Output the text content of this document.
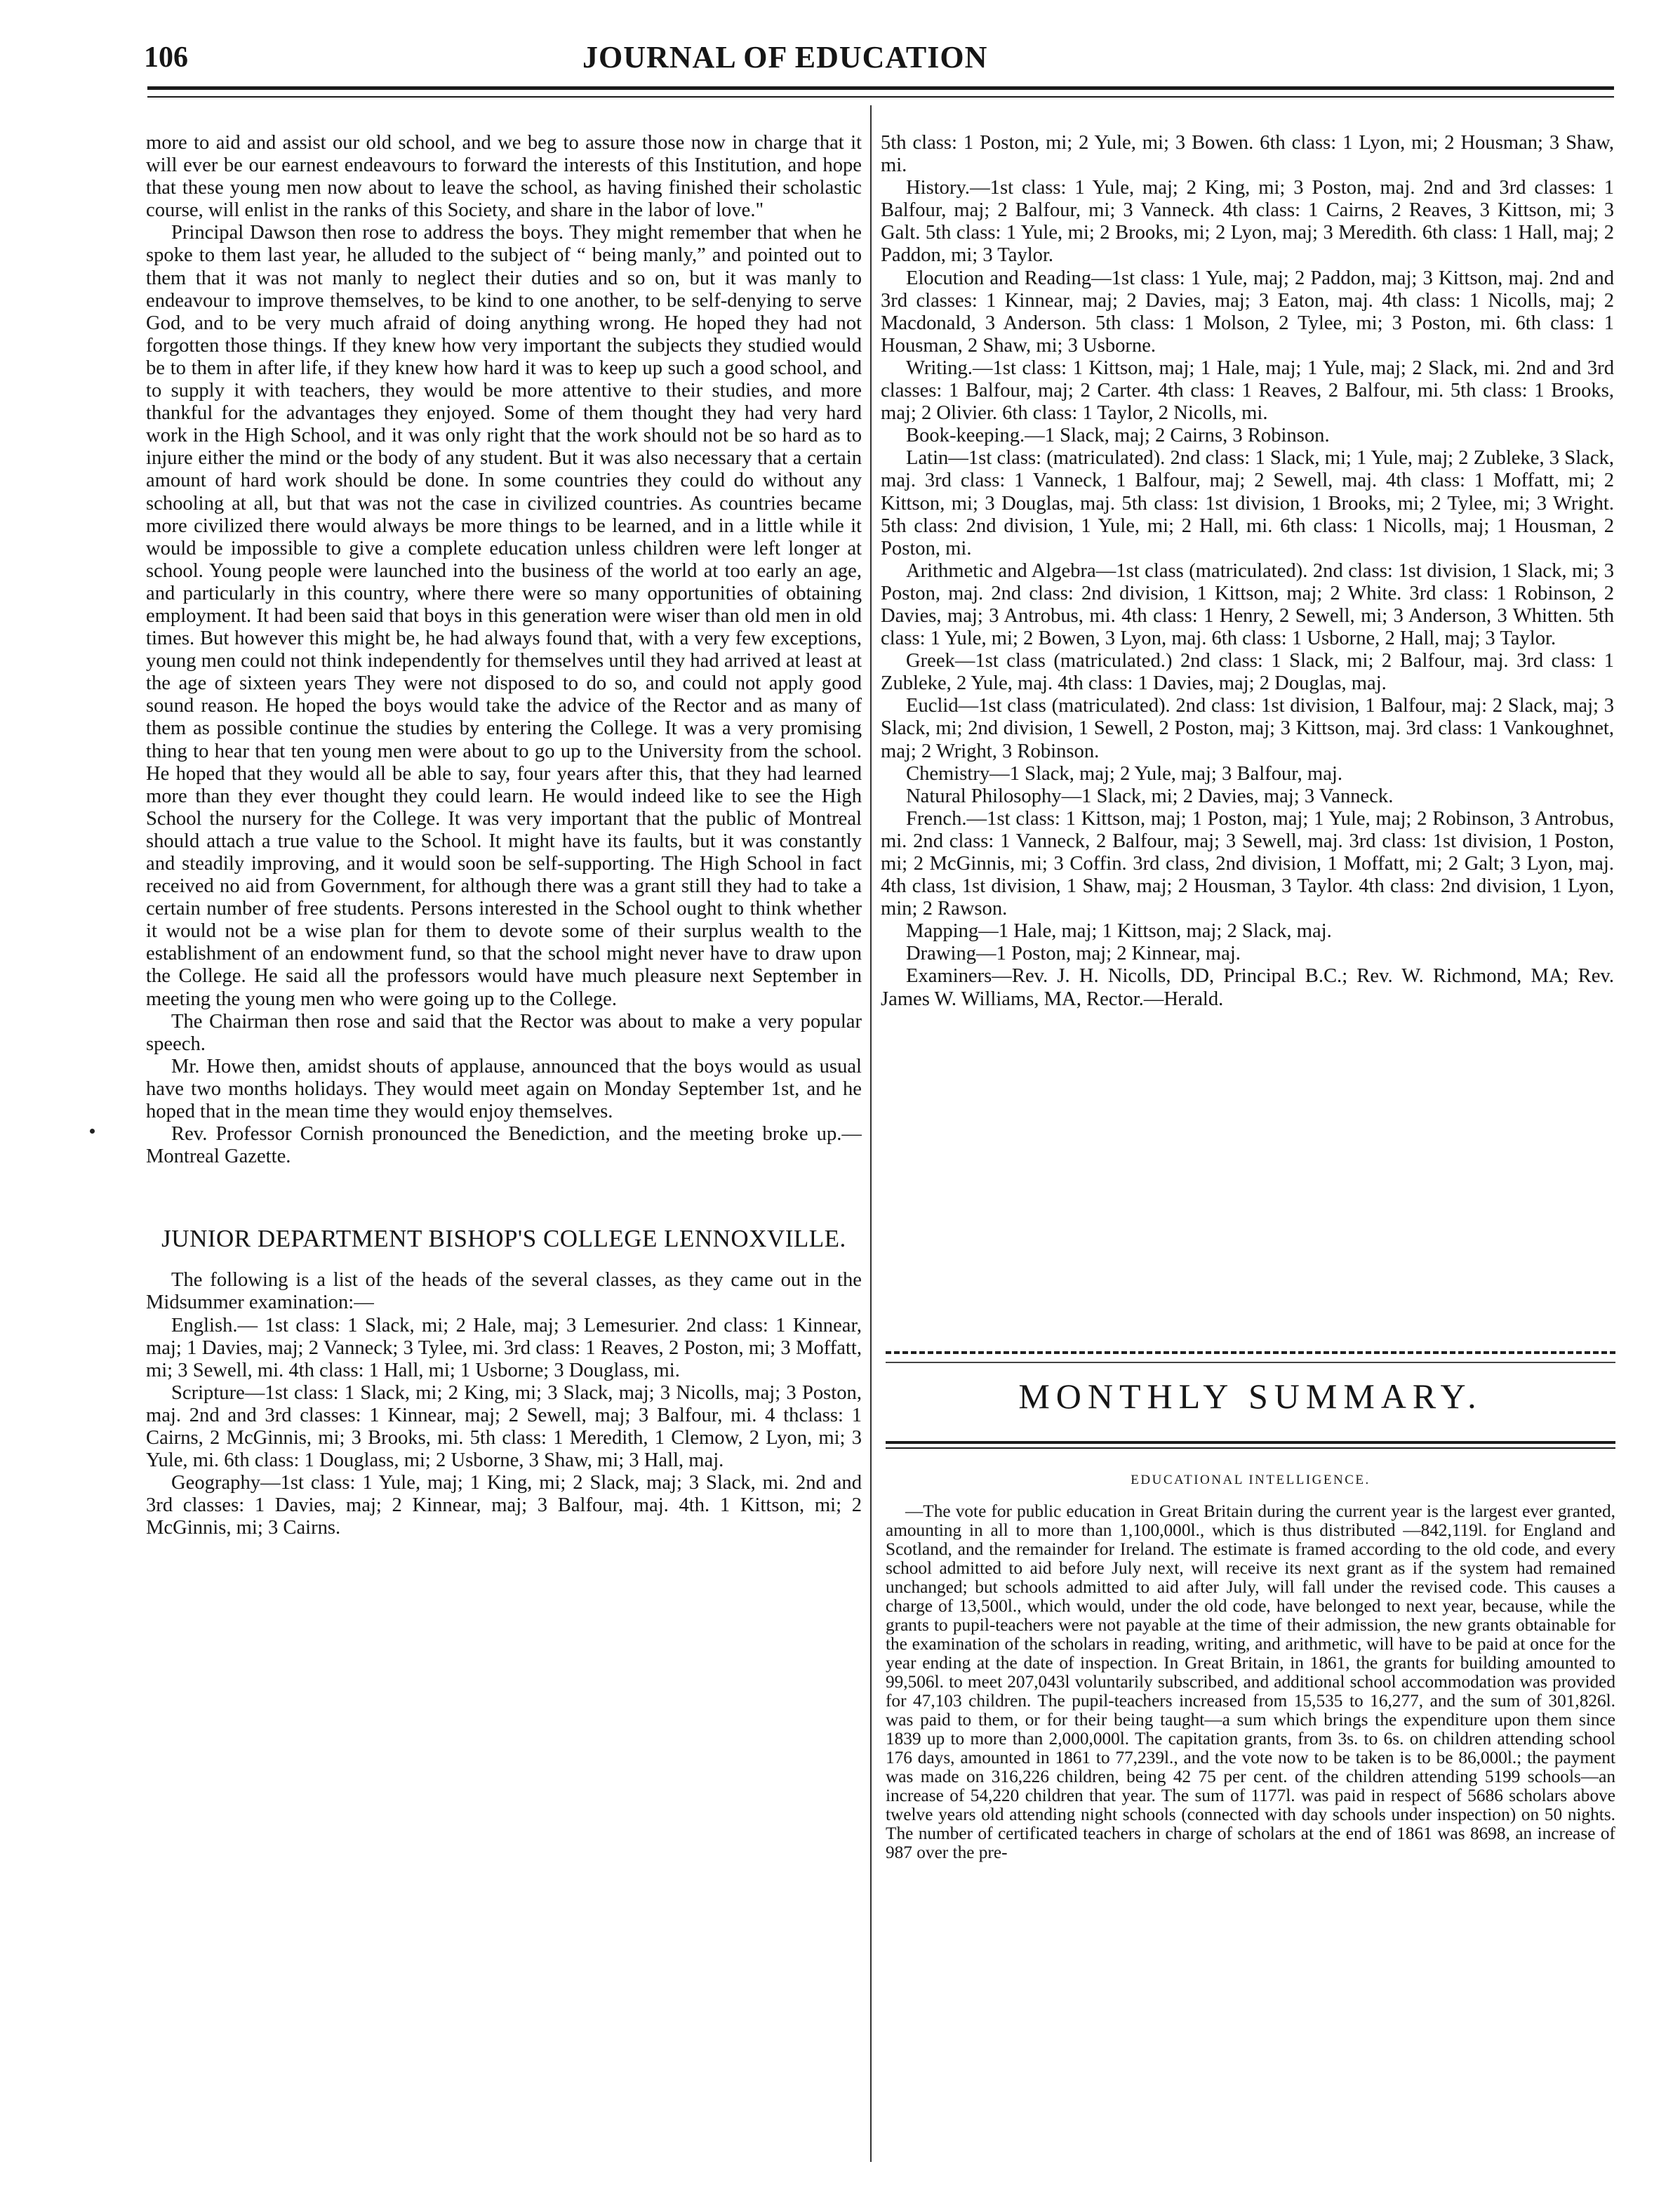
106	JOURNAL OF EDUCATION

more to aid and assist our old school, and we beg to assure those now in charge that it will ever be our earnest endeavours to forward the interests of this Institution, and hope that these young men now about to leave the school, as having finished their scholastic course, will enlist in the ranks of this Society, and share in the labor of love."

Principal Dawson then rose to address the boys. They might remember that when he spoke to them last year, he alluded to the subject of “ being manly,” and pointed out to them that it was not manly to neglect their duties and so on, but it was manly to endeavour to improve themselves, to be kind to one another, to be self-denying to serve God, and to be very much afraid of doing anything wrong. He hoped they had not forgotten those things. If they knew how very important the subjects they studied would be to them in after life, if they knew how hard it was to keep up such a good school, and to supply it with teachers, they would be more attentive to their studies, and more thankful for the advantages they enjoyed. Some of them thought they had very hard work in the High School, and it was only right that the work should not be so hard as to injure either the mind or the body of any student. But it was also necessary that a certain amount of hard work should be done. In some countries they could do without any schooling at all, but that was not the case in civilized countries. As countries became more civilized there would always be more things to be learned, and in a little while it would be impossible to give a complete education unless children were left longer at school. Young people were launched into the business of the world at too early an age, and particularly in this country, where there were so many opportunities of obtaining employment. It had been said that boys in this generation were wiser than old men in old times. But however this might be, he had always found that, with a very few exceptions, young men could not think independently for themselves until they had arrived at least at the age of sixteen years They were not disposed to do so, and could not apply good sound reason. He hoped the boys would take the advice of the Rector and as many of them as possible continue the studies by entering the College. It was a very promising thing to hear that ten young men were about to go up to the University from the school. He hoped that they would all be able to say, four years after this, that they had learned more than they ever thought they could learn. He would indeed like to see the High School the nursery for the College. It was very important that the public of Montreal should attach a true value to the School. It might have its faults, but it was constantly and steadily improving, and it would soon be self-supporting. The High School in fact received no aid from Government, for although there was a grant still they had to take a certain number of free students. Persons interested in the School ought to think whether it would not be a wise plan for them to devote some of their surplus wealth to the establishment of an endowment fund, so that the school might never have to draw upon the College. He said all the professors would have much pleasure next September in meeting the young men who were going up to the College.

The Chairman then rose and said that the Rector was about to make a very popular speech.

Mr. Howe then, amidst shouts of applause, announced that the boys would as usual have two months holidays. They would meet again on Monday September 1st, and he hoped that in the mean time they would enjoy themselves.

Rev. Professor Cornish pronounced the Benediction, and the meeting broke up.—Montreal Gazette.

JUNIOR DEPARTMENT BISHOP'S COLLEGE LENNOXVILLE.

The following is a list of the heads of the several classes, as they came out in the Midsummer examination:—

English.— 1st class: 1 Slack, mi; 2 Hale, maj; 3 Lemesurier. 2nd class: 1 Kinnear, maj; 1 Davies, maj; 2 Vanneck; 3 Tylee, mi. 3rd class: 1 Reaves, 2 Poston, mi; 3 Moffatt, mi; 3 Sewell, mi. 4th class: 1 Hall, mi; 1 Usborne; 3 Douglass, mi.

Scripture—1st class: 1 Slack, mi; 2 King, mi; 3 Slack, maj; 3 Nicolls, maj; 3 Poston, maj. 2nd and 3rd classes: 1 Kinnear, maj; 2 Sewell, maj; 3 Balfour, mi. 4 thclass: 1 Cairns, 2 McGinnis, mi; 3 Brooks, mi. 5th class: 1 Meredith, 1 Clemow, 2 Lyon, mi; 3 Yule, mi. 6th class: 1 Douglass, mi; 2 Usborne, 3 Shaw, mi; 3 Hall, maj.

Geography—1st class: 1 Yule, maj; 1 King, mi; 2 Slack, maj; 3 Slack, mi. 2nd and 3rd classes: 1 Davies, maj; 2 Kinnear, maj; 3 Balfour, maj. 4th. 1 Kittson, mi; 2 McGinnis, mi; 3 Cairns.

5th class: 1 Poston, mi; 2 Yule, mi; 3 Bowen. 6th class: 1 Lyon, mi; 2 Housman; 3 Shaw, mi.

History.—1st class: 1 Yule, maj; 2 King, mi; 3 Poston, maj. 2nd and 3rd classes: 1 Balfour, maj; 2 Balfour, mi; 3 Vanneck. 4th class: 1 Cairns, 2 Reaves, 3 Kittson, mi; 3 Galt. 5th class: 1 Yule, mi; 2 Brooks, mi; 2 Lyon, maj; 3 Meredith. 6th class: 1 Hall, maj; 2 Paddon, mi; 3 Taylor.

Elocution and Reading—1st class: 1 Yule, maj; 2 Paddon, maj; 3 Kittson, maj. 2nd and 3rd classes: 1 Kinnear, maj; 2 Davies, maj; 3 Eaton, maj. 4th class: 1 Nicolls, maj; 2 Macdonald, 3 Anderson. 5th class: 1 Molson, 2 Tylee, mi; 3 Poston, mi. 6th class: 1 Housman, 2 Shaw, mi; 3 Usborne.

Writing.—1st class: 1 Kittson, maj; 1 Hale, maj; 1 Yule, maj; 2 Slack, mi. 2nd and 3rd classes: 1 Balfour, maj; 2 Carter. 4th class: 1 Reaves, 2 Balfour, mi. 5th class: 1 Brooks, maj; 2 Olivier. 6th class: 1 Taylor, 2 Nicolls, mi.

Book-keeping.—1 Slack, maj; 2 Cairns, 3 Robinson.

Latin—1st class: (matriculated). 2nd class: 1 Slack, mi; 1 Yule, maj; 2 Zubleke, 3 Slack, maj. 3rd class: 1 Vanneck, 1 Balfour, maj; 2 Sewell, maj. 4th class: 1 Moffatt, mi; 2 Kittson, mi; 3 Douglas, maj. 5th class: 1st division, 1 Brooks, mi; 2 Tylee, mi; 3 Wright. 5th class: 2nd division, 1 Yule, mi; 2 Hall, mi. 6th class: 1 Nicolls, maj; 1 Housman, 2 Poston, mi.

Arithmetic and Algebra—1st class (matriculated). 2nd class: 1st division, 1 Slack, mi; 3 Poston, maj. 2nd class: 2nd division, 1 Kittson, maj; 2 White. 3rd class: 1 Robinson, 2 Davies, maj; 3 Antrobus, mi. 4th class: 1 Henry, 2 Sewell, mi; 3 Anderson, 3 Whitten. 5th class: 1 Yule, mi; 2 Bowen, 3 Lyon, maj. 6th class: 1 Usborne, 2 Hall, maj; 3 Taylor.

Greek—1st class (matriculated.) 2nd class: 1 Slack, mi; 2 Balfour, maj. 3rd class: 1 Zubleke, 2 Yule, maj. 4th class: 1 Davies, maj; 2 Douglas, maj.

Euclid—1st class (matriculated). 2nd class: 1st division, 1 Balfour, maj: 2 Slack, maj; 3 Slack, mi; 2nd division, 1 Sewell, 2 Poston, maj; 3 Kittson, maj. 3rd class: 1 Vankoughnet, maj; 2 Wright, 3 Robinson.

Chemistry—1 Slack, maj; 2 Yule, maj; 3 Balfour, maj.

Natural Philosophy—1 Slack, mi; 2 Davies, maj; 3 Vanneck.

French.—1st class: 1 Kittson, maj; 1 Poston, maj; 1 Yule, maj; 2 Robinson, 3 Antrobus, mi. 2nd class: 1 Vanneck, 2 Balfour, maj; 3 Sewell, maj. 3rd class: 1st division, 1 Poston, mi; 2 McGinnis, mi; 3 Coffin. 3rd class, 2nd division, 1 Moffatt, mi; 2 Galt; 3 Lyon, maj. 4th class, 1st division, 1 Shaw, maj; 2 Housman, 3 Taylor. 4th class: 2nd division, 1 Lyon, min; 2 Rawson.

Mapping—1 Hale, maj; 1 Kittson, maj; 2 Slack, maj.

Drawing—1 Poston, maj; 2 Kinnear, maj.

Examiners—Rev. J. H. Nicolls, DD, Principal B.C.; Rev. W. Richmond, MA; Rev. James W. Williams, MA, Rector.—Herald.

MONTHLY SUMMARY.
EDUCATIONAL INTELLIGENCE.

—The vote for public education in Great Britain during the current year is the largest ever granted, amounting in all to more than 1,100,000l., which is thus distributed —842,119l. for England and Scotland, and the remainder for Ireland. The estimate is framed according to the old code, and every school admitted to aid before July next, will receive its next grant as if the system had remained unchanged; but schools admitted to aid after July, will fall under the revised code. This causes a charge of 13,500l., which would, under the old code, have belonged to next year, because, while the grants to pupil-teachers were not payable at the time of their admission, the new grants obtainable for the examination of the scholars in reading, writing, and arithmetic, will have to be paid at once for the year ending at the date of inspection. In Great Britain, in 1861, the grants for building amounted to 99,506l. to meet 207,043l voluntarily subscribed, and additional school accommodation was provided for 47,103 children. The pupil-teachers increased from 15,535 to 16,277, and the sum of 301,826l. was paid to them, or for their being taught—a sum which brings the expenditure upon them since 1839 up to more than 2,000,000l. The capitation grants, from 3s. to 6s. on children attending school 176 days, amounted in 1861 to 77,239l., and the vote now to be taken is to be 86,000l.; the payment was made on 316,226 children, being 42 75 per cent. of the children attending 5199 schools—an increase of 54,220 children that year. The sum of 1177l. was paid in respect of 5686 scholars above twelve years old attending night schools (connected with day schools under inspection) on 50 nights. The number of certificated teachers in charge of scholars at the end of 1861 was 8698, an increase of 987 over the pre-
